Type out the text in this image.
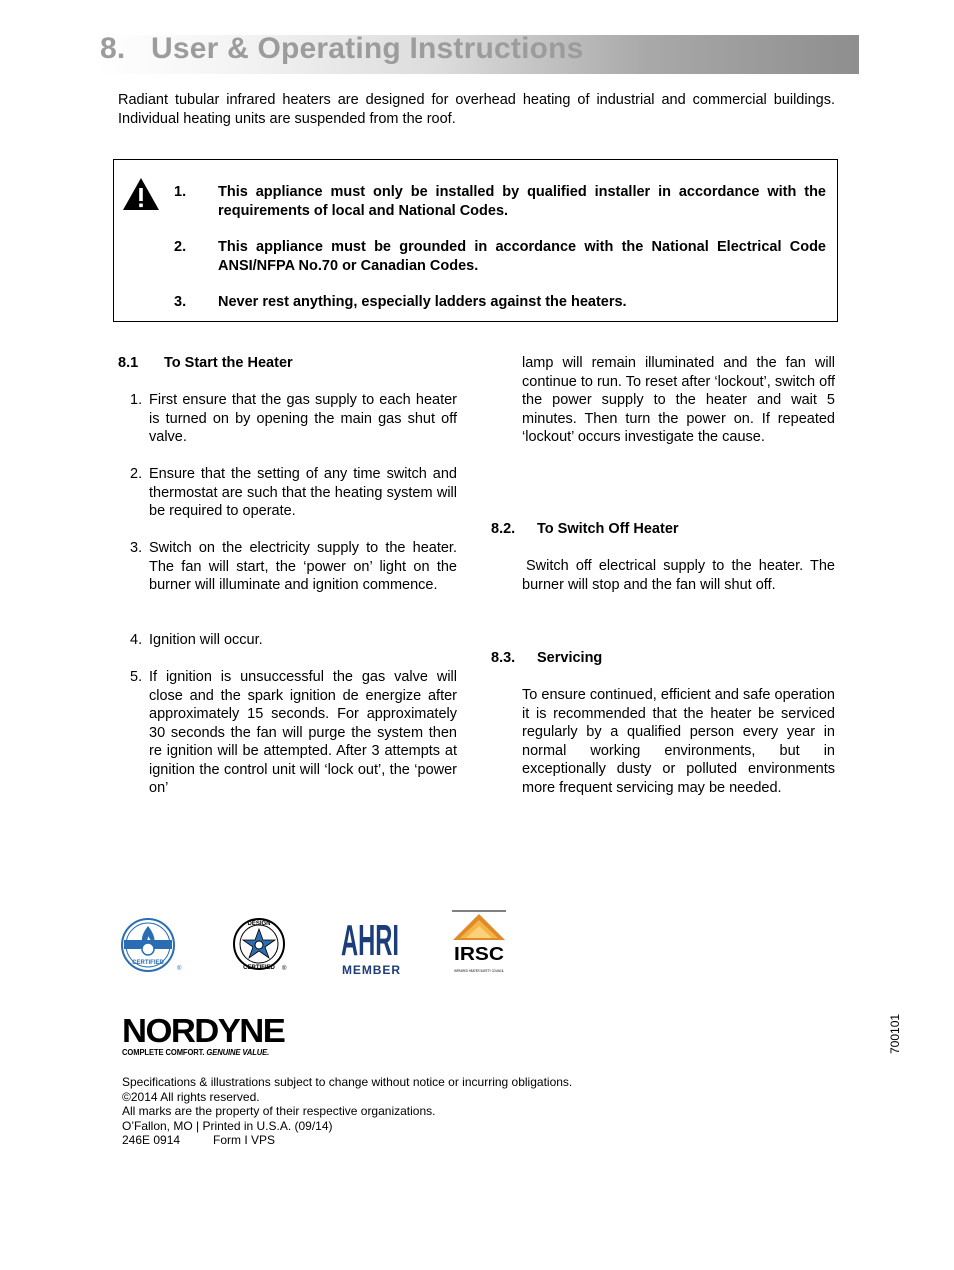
8.   User & Operating Instructions

Radiant tubular infrared heaters are designed for overhead heating of industrial and commercial buildings. Individual heating units are suspended from the roof.

1. This appliance must only be installed by qualified installer in accordance with the requirements of local and National Codes.
2. This appliance must be grounded in accordance with the National Electrical Code ANSI/NFPA No.70 or Canadian Codes.
3. Never rest anything, especially ladders against the heaters.
8.1 To Start the Heater
1. First ensure that the gas supply to each heater is turned on by opening the main gas shut off valve.
2. Ensure that the setting of any time switch and thermostat are such that the heating system will be required to operate.
3. Switch on the electricity supply to the heater. The fan will start, the ‘power on’ light on the burner will illuminate and ignition commence.
4. Ignition will occur.
5. If ignition is unsuccessful the gas valve will close and the spark ignition de energize after approximately 15 seconds. For approximately 30 seconds the fan will purge the system then re ignition will be attempted. After 3 attempts at ignition the control unit will ‘lock out’, the ‘power on’
lamp will remain illuminated and the fan will continue to run. To reset after ‘lockout’, switch off the power supply to the heater and wait 5 minutes. Then turn the power on. If repeated ‘lockout’ occurs investigate the cause.
8.2. To Switch Off Heater
Switch off electrical supply to the heater. The burner will stop and the fan will shut off.
8.3. Servicing
To ensure continued, efficient and safe operation it is recommended that the heater be serviced regularly by a qualified person every year in normal working environments, but in exceptionally dusty or polluted environments more frequent servicing may be needed.
CERTIFIED
®
DESIGN
CERTIFIED ®
AHRI
MEMBER
IRSC
INFRARED HEATER SAFETY COUNCIL
NORDYNE
COMPLETE COMFORT. GENUINE VALUE.	700101
Specifications & illustrations subject to change without notice or incurring obligations.
©2014 All rights reserved.
All marks are the property of their respective organizations.
O’Fallon, MO | Printed in U.S.A. (09/14)
246E 0914	Form I VPS
